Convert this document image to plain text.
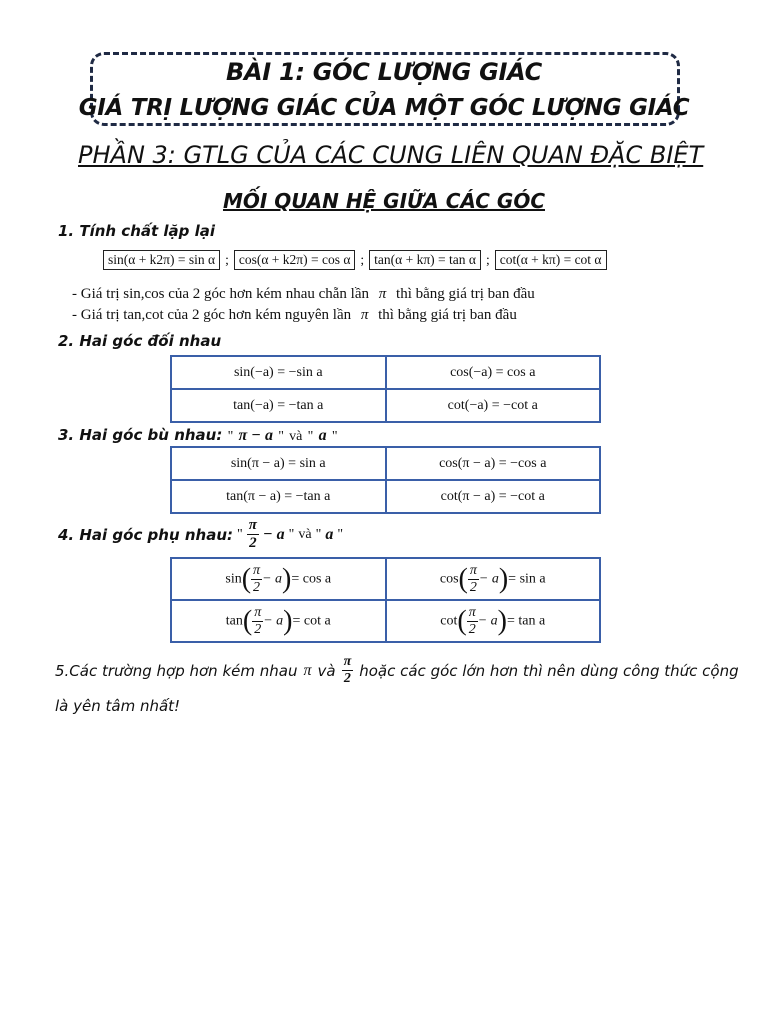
BÀI 1: GÓC LƯỢNG GIÁC
GIÁ TRỊ LƯỢNG GIÁC CỦA MỘT GÓC LƯỢNG GIÁC
PHẦN 3: GTLG CỦA CÁC CUNG LIÊN QUAN ĐẶC BIỆT
MỐI QUAN HỆ GIỮA CÁC GÓC
1. Tính chất lặp lại
sin(α + k2π) = sin α ; cos(α + k2π) = cos α ; tan(α + kπ) = tan α ; cot(α + kπ) = cot α
- Giá trị sin,cos của 2 góc hơn kém nhau chẵn lần π thì bằng giá trị ban đầu
- Giá trị tan,cot của 2 góc hơn kém nguyên lần π thì bằng giá trị ban đầu
2. Hai góc đối nhau
sin(−a) = −sin a	cos(−a) = cos a
tan(−a) = −tan a	cot(−a) = −cot a
3. Hai góc bù nhau: " π − a " và " a "
sin(π − a) = sin a	cos(π − a) = −cos a
tan(π − a) = −tan a	cot(π − a) = −cot a
4. Hai góc phụ nhau: " $\frac{\pi}{2} - a$ " và " a "
$\sin( \frac{\pi}{2} - a)= \cos a$	$\cos( \frac{\pi}{2} - a)= \sin a$
$\tan( \frac{\pi}{2} - a)= \cot a$	$\cot( \frac{\pi}{2} - a)= \tan a$
5.Các trường hợp hơn kém nhau π và $\frac{\pi}{2}$ hoặc các góc lớn hơn thì nên dùng công thức cộng
là yên tâm nhất!
